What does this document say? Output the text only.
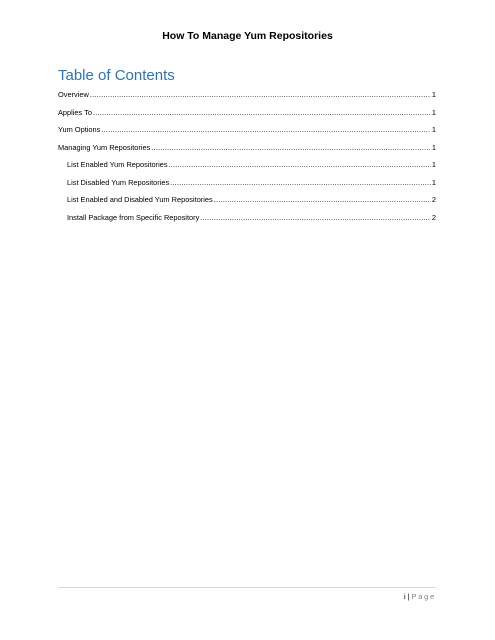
How To Manage Yum Repositories
Table of Contents
Overview .....	1
Applies To .....	1
Yum Options .....	1
Managing Yum Repositories .....	1
List Enabled Yum Repositories .....	1
List Disabled Yum Repositories .....	1
List Enabled and Disabled Yum Repositories .....	2
Install Package from Specific Repository .....	2
i | Page
